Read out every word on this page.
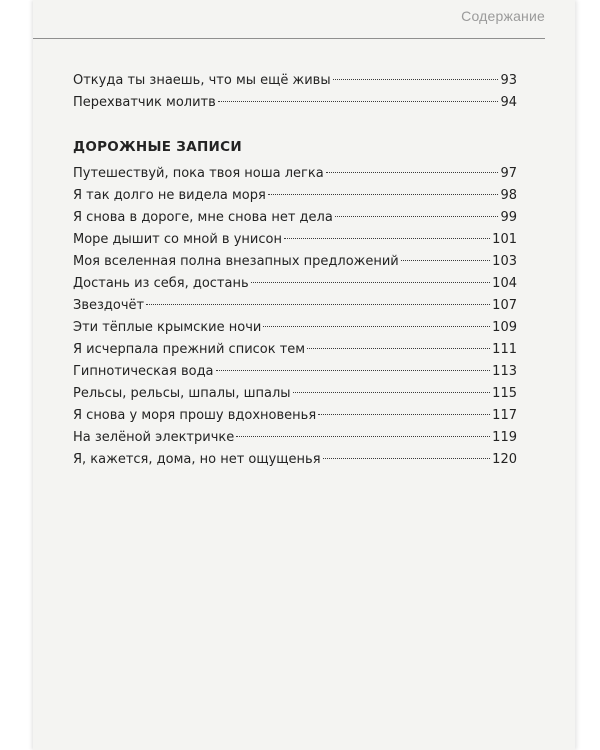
Содержание
Откуда ты знаешь, что мы ещё живы	93
Перехватчик молитв	94
ДОРОЖНЫЕ ЗАПИСИ
Путешествуй, пока твоя ноша легка	97
Я так долго не видела моря	98
Я снова в дороге, мне снова нет дела	99
Море дышит со мной в унисон	101
Моя вселенная полна внезапных предложений	103
Достань из себя, достань	104
Звездочёт	107
Эти тёплые крымские ночи	109
Я исчерпала прежний список тем	111
Гипнотическая вода	113
Рельсы, рельсы, шпалы, шпалы	115
Я снова у моря прошу вдохновенья	117
На зелёной электричке	119
Я, кажется, дома, но нет ощущенья	120
